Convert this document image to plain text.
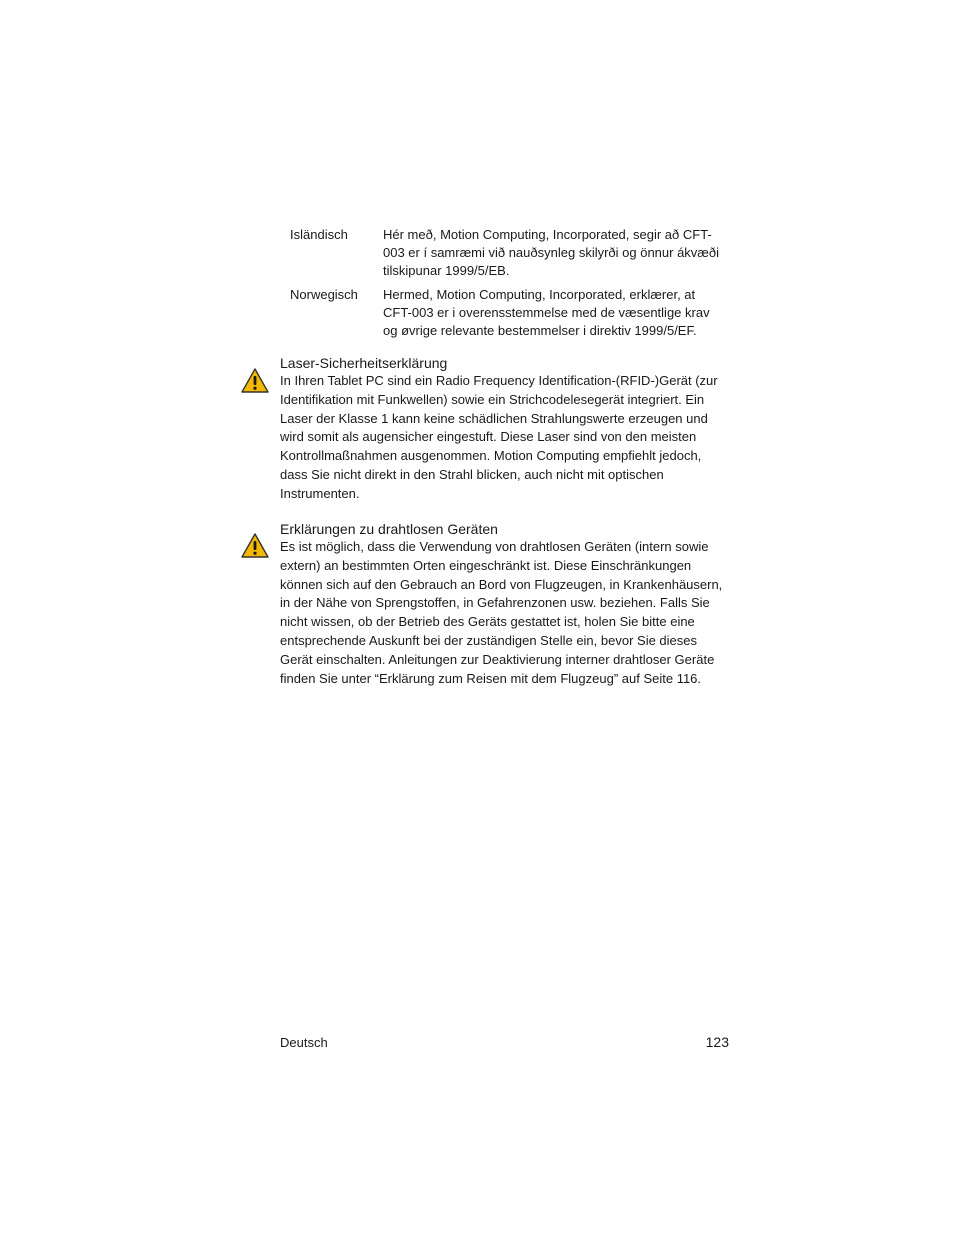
Isländisch	Hér með, Motion Computing, Incorporated, segir að CFT-003 er í samræmi við nauðsynleg skilyrði og önnur ákvæði tilskipunar 1999/5/EB.
Norwegisch	Hermed, Motion Computing, Incorporated, erklærer, at CFT-003 er i overensstemmelse med de væsentlige krav og øvrige relevante bestemmelser i direktiv 1999/5/EF.
Laser-Sicherheitserklärung

In Ihren Tablet PC sind ein Radio Frequency Identification-(RFID-)Gerät (zur Identifikation mit Funkwellen) sowie ein Strichcodelesegerät integriert. Ein Laser der Klasse 1 kann keine schädlichen Strahlungswerte erzeugen und wird somit als augensicher eingestuft. Diese Laser sind von den meisten Kontrollmaßnahmen ausgenommen. Motion Computing empfiehlt jedoch, dass Sie nicht direkt in den Strahl blicken, auch nicht mit optischen Instrumenten.

Erklärungen zu drahtlosen Geräten

Es ist möglich, dass die Verwendung von drahtlosen Geräten (intern sowie extern) an bestimmten Orten eingeschränkt ist. Diese Einschränkungen können sich auf den Gebrauch an Bord von Flugzeugen, in Krankenhäusern, in der Nähe von Sprengstoffen, in Gefahrenzonen usw. beziehen. Falls Sie nicht wissen, ob der Betrieb des Geräts gestattet ist, holen Sie bitte eine entsprechende Auskunft bei der zuständigen Stelle ein, bevor Sie dieses Gerät einschalten. Anleitungen zur Deaktivierung interner drahtloser Geräte finden Sie unter “Erklärung zum Reisen mit dem Flugzeug” auf Seite 116.

Deutsch	123
